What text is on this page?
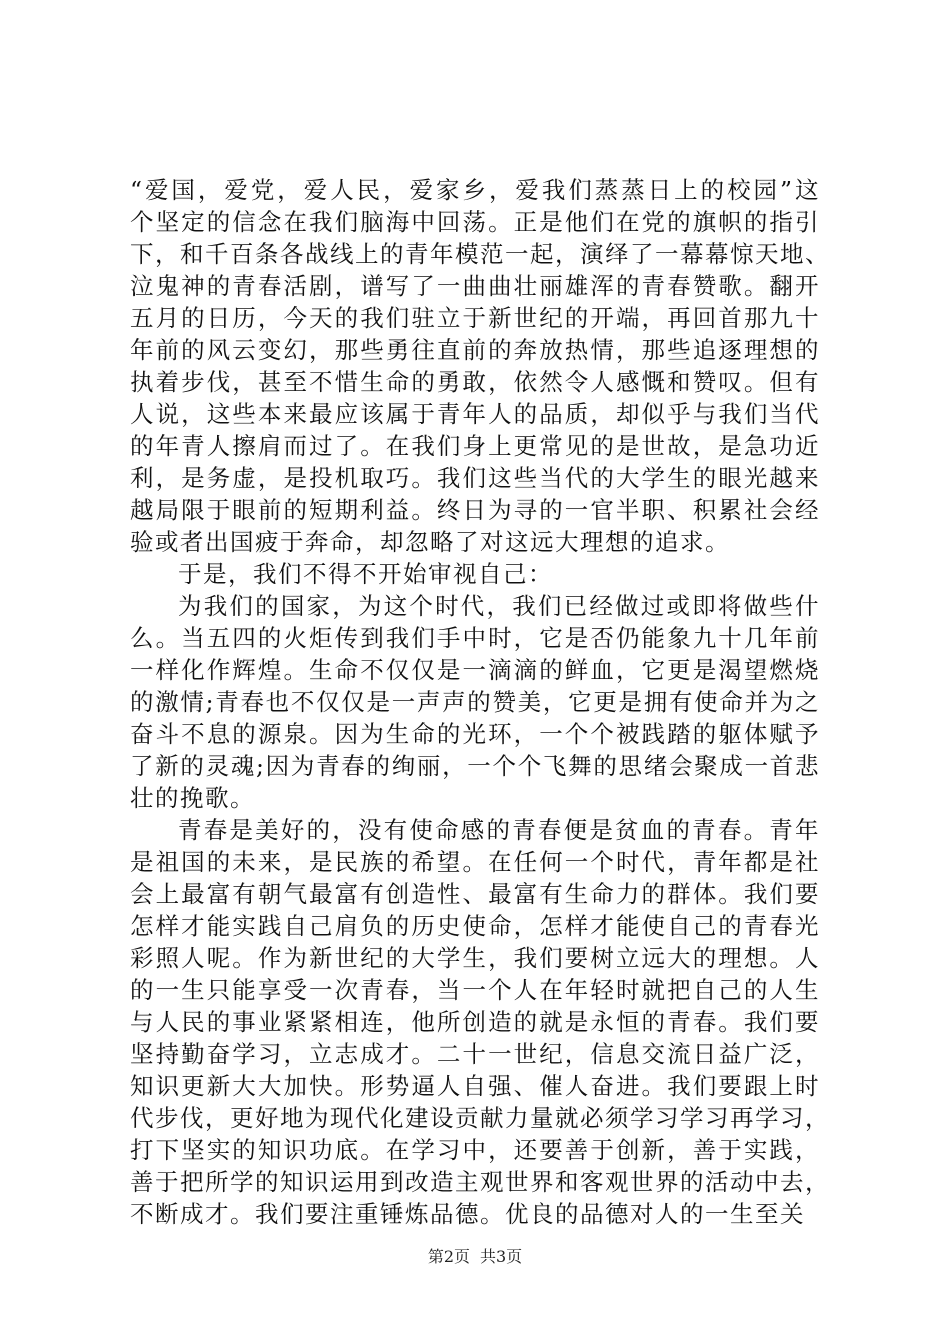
“爱国，爱党，爱人民，爱家乡，爱我们蒸蒸日上的校园”这
个坚定的信念在我们脑海中回荡。正是他们在党的旗帜的指引
下，和千百条各战线上的青年模范一起，演绎了一幕幕惊天地、
泣鬼神的青春活剧，谱写了一曲曲壮丽雄浑的青春赞歌。翻开
五月的日历，今天的我们驻立于新世纪的开端，再回首那九十
年前的风云变幻，那些勇往直前的奔放热情，那些追逐理想的
执着步伐，甚至不惜生命的勇敢，依然令人感慨和赞叹。但有
人说，这些本来最应该属于青年人的品质，却似乎与我们当代
的年青人擦肩而过了。在我们身上更常见的是世故，是急功近
利，是务虚，是投机取巧。我们这些当代的大学生的眼光越来
越局限于眼前的短期利益。终日为寻的一官半职、积累社会经
验或者出国疲于奔命，却忽略了对这远大理想的追求。
于是，我们不得不开始审视自己：
为我们的国家，为这个时代，我们已经做过或即将做些什
么。当五四的火炬传到我们手中时，它是否仍能象九十几年前
一样化作辉煌。生命不仅仅是一滴滴的鲜血，它更是渴望燃烧
的激情;青春也不仅仅是一声声的赞美，它更是拥有使命并为之
奋斗不息的源泉。因为生命的光环，一个个被践踏的躯体赋予
了新的灵魂;因为青春的绚丽，一个个飞舞的思绪会聚成一首悲
壮的挽歌。
青春是美好的，没有使命感的青春便是贫血的青春。青年
是祖国的未来，是民族的希望。在任何一个时代，青年都是社
会上最富有朝气最富有创造性、最富有生命力的群体。我们要
怎样才能实践自己肩负的历史使命，怎样才能使自己的青春光
彩照人呢。作为新世纪的大学生，我们要树立远大的理想。人
的一生只能享受一次青春，当一个人在年轻时就把自己的人生
与人民的事业紧紧相连，他所创造的就是永恒的青春。我们要
坚持勤奋学习，立志成才。二十一世纪，信息交流日益广泛，
知识更新大大加快。形势逼人自强、催人奋进。我们要跟上时
代步伐，更好地为现代化建设贡献力量就必须学习学习再学习，
打下坚实的知识功底。在学习中，还要善于创新，善于实践，
善于把所学的知识运用到改造主观世界和客观世界的活动中去，
不断成才。我们要注重锤炼品德。优良的品德对人的一生至关
第2页 共3页
